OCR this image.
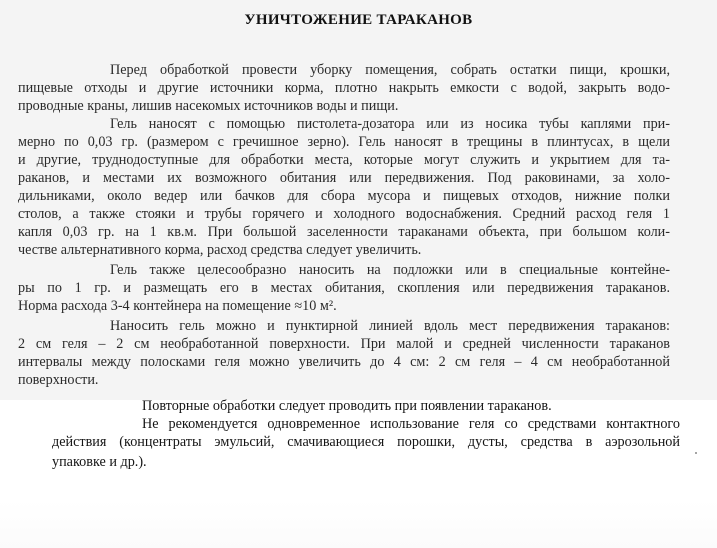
УНИЧТОЖЕНИЕ ТАРАКАНОВ
Перед обработкой провести уборку помещения, собрать остатки пищи, крошки,
пищевые отходы и другие источники корма, плотно накрыть емкости с водой, закрыть водо-
проводные краны, лишив насекомых источников воды и пищи.
Гель наносят с помощью пистолета-дозатора или из носика тубы каплями при-
мерно по 0,03 гр. (размером с гречишное зерно). Гель наносят в трещины в плинтусах, в щели
и другие, труднодоступные для обработки места, которые могут служить и укрытием для та-
раканов, и местами их возможного обитания или передвижения. Под раковинами, за холо-
дильниками, около ведер или бачков для сбора мусора и пищевых отходов, нижние полки
столов, а также стояки и трубы горячего и холодного водоснабжения. Средний расход геля 1
капля 0,03 гр. на 1 кв.м. При большой заселенности тараканами объекта, при большом коли-
честве альтернативного корма, расход средства следует увеличить.
Гель также целесообразно наносить на подложки или в специальные контейне-
ры по 1 гр. и размещать его в местах обитания, скопления или передвижения тараканов.
Норма расхода 3-4 контейнера на помещение ≈10 м².
Наносить гель можно и пунктирной линией вдоль мест передвижения тараканов:
2 см геля – 2 см необработанной поверхности. При малой и средней численности тараканов
интервалы между полосками геля можно увеличить до 4 см: 2 см геля – 4 см необработанной
поверхности.
Повторные обработки следует проводить при появлении тараканов.
Не рекомендуется одновременное использование геля со средствами контактного
действия (концентраты эмульсий, смачивающиеся порошки, дусты, средства в аэрозольной
упаковке и др.).
